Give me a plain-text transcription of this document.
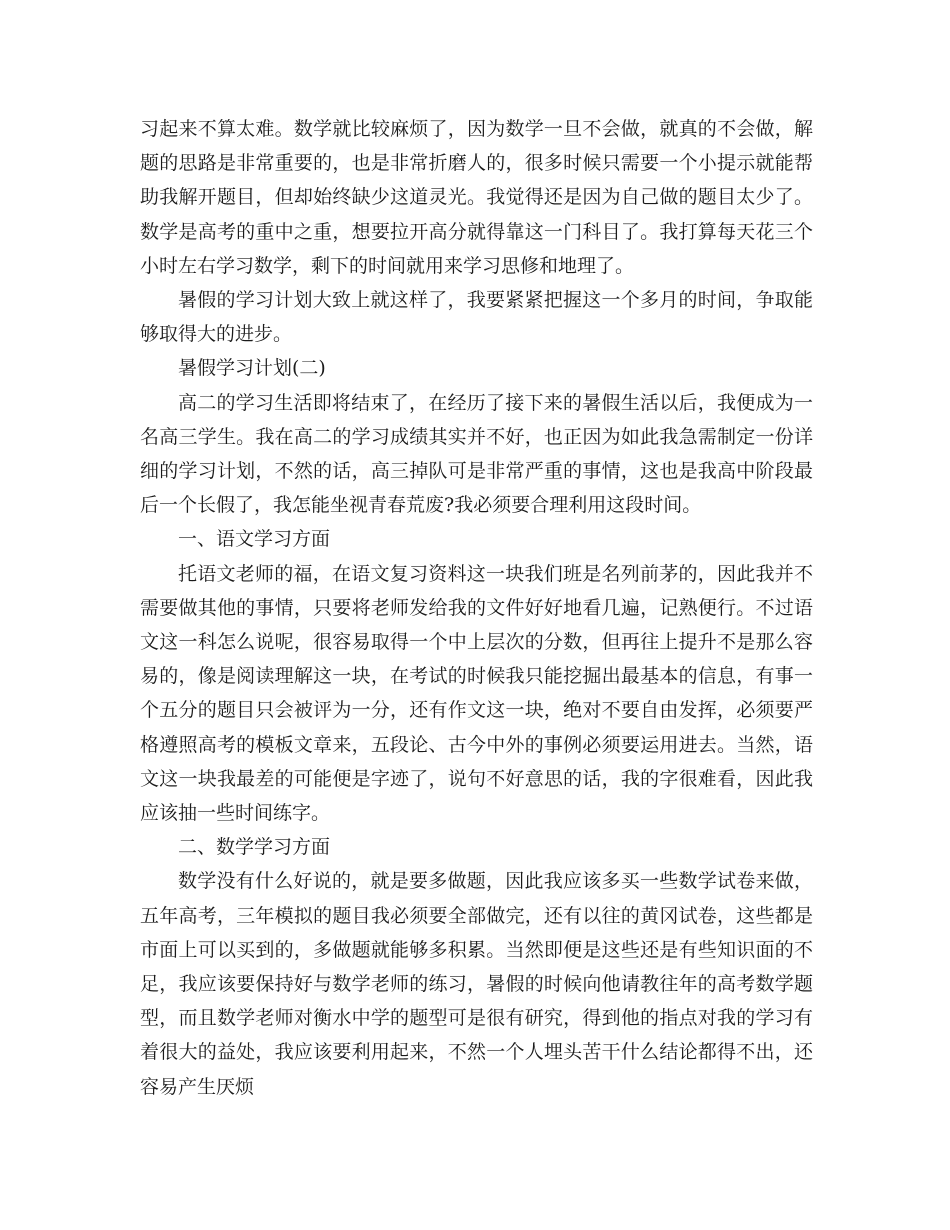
习起来不算太难。数学就比较麻烦了，因为数学一旦不会做，就真的不会做，解题的思路是非常重要的，也是非常折磨人的，很多时候只需要一个小提示就能帮助我解开题目，但却始终缺少这道灵光。我觉得还是因为自己做的题目太少了。数学是高考的重中之重，想要拉开高分就得靠这一门科目了。我打算每天花三个小时左右学习数学，剩下的时间就用来学习思修和地理了。

暑假的学习计划大致上就这样了，我要紧紧把握这一个多月的时间，争取能够取得大的进步。

暑假学习计划(二)

高二的学习生活即将结束了，在经历了接下来的暑假生活以后，我便成为一名高三学生。我在高二的学习成绩其实并不好，也正因为如此我急需制定一份详细的学习计划，不然的话，高三掉队可是非常严重的事情，这也是我高中阶段最后一个长假了，我怎能坐视青春荒废?我必须要合理利用这段时间。

一、语文学习方面

托语文老师的福，在语文复习资料这一块我们班是名列前茅的，因此我并不需要做其他的事情，只要将老师发给我的文件好好地看几遍，记熟便行。不过语文这一科怎么说呢，很容易取得一个中上层次的分数，但再往上提升不是那么容易的，像是阅读理解这一块，在考试的时候我只能挖掘出最基本的信息，有事一个五分的题目只会被评为一分，还有作文这一块，绝对不要自由发挥，必须要严格遵照高考的模板文章来，五段论、古今中外的事例必须要运用进去。当然，语文这一块我最差的可能便是字迹了，说句不好意思的话，我的字很难看，因此我应该抽一些时间练字。

二、数学学习方面

数学没有什么好说的，就是要多做题，因此我应该多买一些数学试卷来做，五年高考，三年模拟的题目我必须要全部做完，还有以往的黄冈试卷，这些都是市面上可以买到的，多做题就能够多积累。当然即便是这些还是有些知识面的不足，我应该要保持好与数学老师的练习，暑假的时候向他请教往年的高考数学题型，而且数学老师对衡水中学的题型可是很有研究，得到他的指点对我的学习有着很大的益处，我应该要利用起来，不然一个人埋头苦干什么结论都得不出，还容易产生厌烦
